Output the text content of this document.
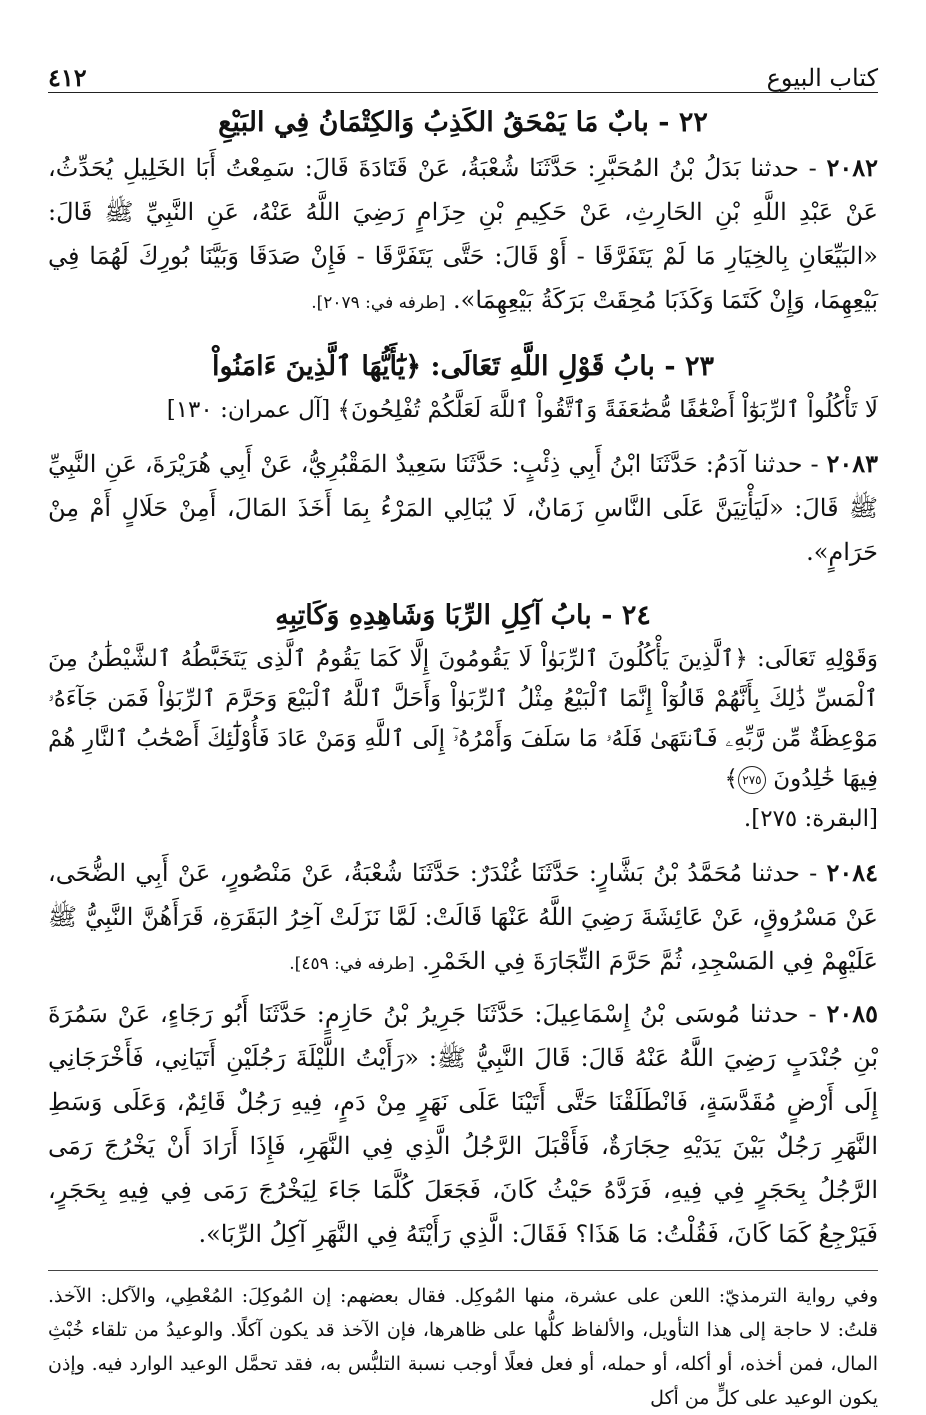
كتاب البيوع
٤١٢
٢٢ - بابٌ مَا يَمْحَقُ الكَذِبُ وَالكِتْمَانُ فِي البَيْعِ

٢٠٨٢ - حدثنا بَدَلُ بْنُ المُحَبَّرِ: حَدَّثَنَا شُعْبَةُ، عَنْ قَتَادَةَ قَالَ: سَمِعْتُ أَبَا الخَلِيلِ يُحَدِّثُ، عَنْ عَبْدِ اللَّهِ بْنِ الحَارِثِ، عَنْ حَكِيمِ بْنِ حِزَامٍ رَضِيَ اللَّهُ عَنْهُ، عَنِ النَّبِيِّ ﷺ قَالَ: «البَيِّعَانِ بِالخِيَارِ مَا لَمْ يَتَفَرَّقَا - أَوْ قَالَ: حَتَّى يَتَفَرَّقَا - فَإِنْ صَدَقَا وَبَيَّنَا بُورِكَ لَهُمَا فِي بَيْعِهِمَا، وَإِنْ كَتَمَا وَكَذَبَا مُحِقَتْ بَرَكَةُ بَيْعِهِمَا». [طرفه في: ٢٠٧٩].

٢٣ - بابُ قَوْلِ اللَّهِ تَعَالَى: ﴿يَٰٓأَيُّهَا ٱلَّذِينَ ءَامَنُواْ
لَا تَأْكُلُواْ ٱلرِّبَوٰٓاْ أَضْعَٰفًا مُّضَٰعَفَةً وَٱتَّقُواْ ٱللَّهَ لَعَلَّكُمْ تُفْلِحُونَ﴾ [آل عمران: ١٣٠]

٢٠٨٣ - حدثنا آدَمُ: حَدَّثَنَا ابْنُ أَبِي ذِئْبٍ: حَدَّثَنَا سَعِيدٌ المَقْبُرِيُّ، عَنْ أَبِي هُرَيْرَةَ، عَنِ النَّبِيِّ ﷺ قَالَ: «لَيَأْتِيَنَّ عَلَى النَّاسِ زَمَانٌ، لَا يُبَالِي المَرْءُ بِمَا أَخَذَ المَالَ، أَمِنْ حَلَالٍ أَمْ مِنْ حَرَامٍ».

٢٤ - بابُ آكِلِ الرِّبَا وَشَاهِدِهِ وَكَاتِبِهِ
وَقَوْلِهِ تَعَالَى: ﴿ٱلَّذِينَ يَأْكُلُونَ ٱلرِّبَوٰاْ لَا يَقُومُونَ إِلَّا كَمَا يَقُومُ ٱلَّذِى يَتَخَبَّطُهُ ٱلشَّيْطَٰنُ مِنَ ٱلْمَسِّ ذَٰلِكَ بِأَنَّهُمْ قَالُوٓاْ إِنَّمَا ٱلْبَيْعُ مِثْلُ ٱلرِّبَوٰاْ وَأَحَلَّ ٱللَّهُ ٱلْبَيْعَ وَحَرَّمَ ٱلرِّبَوٰاْ فَمَن جَآءَهُۥ مَوْعِظَةٌ مِّن رَّبِّهِۦ فَٱنتَهَىٰ فَلَهُۥ مَا سَلَفَ وَأَمْرُهُۥٓ إِلَى ٱللَّهِ وَمَنْ عَادَ فَأُوْلَٰٓئِكَ أَصْحَٰبُ ٱلنَّارِ هُمْ فِيهَا خَٰلِدُونَ ٢٧٥﴾
[البقرة: ٢٧٥].

٢٠٨٤ - حدثنا مُحَمَّدُ بْنُ بَشَّارٍ: حَدَّثَنَا غُنْدَرٌ: حَدَّثَنَا شُعْبَةُ، عَنْ مَنْصُورٍ، عَنْ أَبِي الضُّحَى، عَنْ مَسْرُوقٍ، عَنْ عَائِشَةَ رَضِيَ اللَّهُ عَنْهَا قَالَتْ: لَمَّا نَزَلَتْ آخِرُ البَقَرَةِ، قَرَأَهُنَّ النَّبِيُّ ﷺ عَلَيْهِمْ فِي المَسْجِدِ، ثُمَّ حَرَّمَ التِّجَارَةَ فِي الخَمْرِ. [طرفه في: ٤٥٩].

٢٠٨٥ - حدثنا مُوسَى بْنُ إِسْمَاعِيلَ: حَدَّثَنَا جَرِيرُ بْنُ حَازِمٍ: حَدَّثَنَا أَبُو رَجَاءٍ، عَنْ سَمُرَةَ بْنِ جُنْدَبٍ رَضِيَ اللَّهُ عَنْهُ قَالَ: قَالَ النَّبِيُّ ﷺ: «رَأَيْتُ اللَّيْلَةَ رَجُلَيْنِ أَتَيَانِي، فَأَخْرَجَانِي إِلَى أَرْضٍ مُقَدَّسَةٍ، فَانْطَلَقْنَا حَتَّى أَتَيْنَا عَلَى نَهَرٍ مِنْ دَمٍ، فِيهِ رَجُلٌ قَائِمٌ، وَعَلَى وَسَطِ النَّهَرِ رَجُلٌ بَيْنَ يَدَيْهِ حِجَارَةٌ، فَأَقْبَلَ الرَّجُلُ الَّذِي فِي النَّهَرِ، فَإِذَا أَرَادَ أَنْ يَخْرُجَ رَمَى الرَّجُلُ بِحَجَرٍ فِي فِيهِ، فَرَدَّهُ حَيْثُ كَانَ، فَجَعَلَ كُلَّمَا جَاءَ لِيَخْرُجَ رَمَى فِي فِيهِ بِحَجَرٍ، فَيَرْجِعُ كَمَا كَانَ، فَقُلْتُ: مَا هَذَا؟ فَقَالَ: الَّذِي رَأَيْتَهُ فِي النَّهَرِ آكِلُ الرِّبَا».

وفي رواية الترمذيّ: اللعن على عشرة، منها المُوكِل. فقال بعضهم: إن المُوكِلَ: المُعْطِي، والآكل: الآخذ. قلتُ: لا حاجة إلى هذا التأويل، والألفاظ كلُّها على ظاهرها، فإن الآخذ قد يكون آكلًا. والوعيدُ من تلقاء خُبْثِ المال، فمن أخذه، أو أكله، أو حمله، أو فعل فعلًا أوجب نسبة التلبُّس به، فقد تحمَّل الوعيد الوارد فيه. وإذن يكون الوعيد على كلٍّ من أكل
